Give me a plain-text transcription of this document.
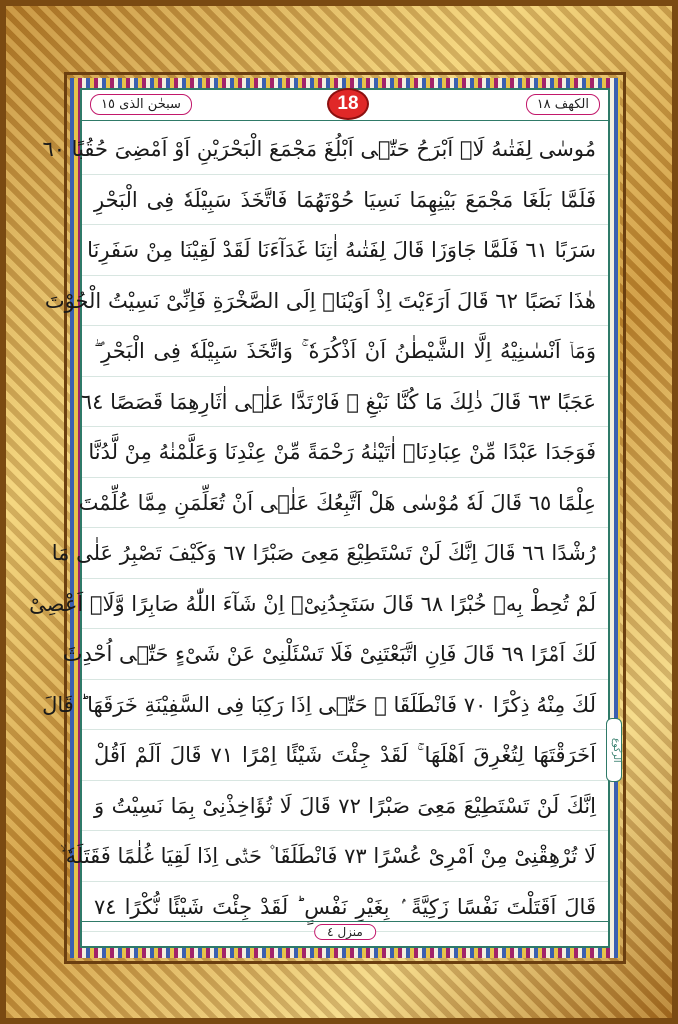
سبحٰن الذی ١٥	18	الکھف ١٨
مُوسٰى لِفَتٰىهُ لَاۤ اَبْرَحُ حَتّٰۤى اَبْلُغَ مَجْمَعَ الْبَحْرَيْنِ اَوْ اَمْضِىَ حُقُبًا ٦٠
فَلَمَّا بَلَغَا مَجْمَعَ بَيْنِهِمَا نَسِيَا حُوْتَهُمَا فَاتَّخَذَ سَبِيْلَهٗ فِى الْبَحْرِ
سَرَبًا ٦١ فَلَمَّا جَاوَزَا قَالَ لِفَتٰىهُ اٰتِنَا غَدَآءَنَا لَقَدْ لَقِيْنَا مِنْ سَفَرِنَا
هٰذَا نَصَبًا ٦٢ قَالَ اَرَءَيْتَ اِذْ اَوَيْنَاۤ اِلَى الصَّخْرَةِ فَاِنِّىْ نَسِيْتُ الْحُوْتَ
وَمَاۤ اَنْسٰىنِيْهُ اِلَّا الشَّيْطٰنُ اَنْ اَذْكُرَهٗ ۚ وَاتَّخَذَ سَبِيْلَهٗ فِى الْبَحْرِ ۖ
عَجَبًا ٦٣ قَالَ ذٰلِكَ مَا كُنَّا نَبْغِ ۖ فَارْتَدَّا عَلٰۤى اٰثَارِهِمَا قَصَصًا ٦٤
فَوَجَدَا عَبْدًا مِّنْ عِبَادِنَاۤ اٰتَيْنٰهُ رَحْمَةً مِّنْ عِنْدِنَا وَعَلَّمْنٰهُ مِنْ لَّدُنَّا
عِلْمًا ٦٥ قَالَ لَهٗ مُوْسٰى هَلْ اَتَّبِعُكَ عَلٰۤى اَنْ تُعَلِّمَنِ مِمَّا عُلِّمْتَ
رُشْدًا ٦٦ قَالَ اِنَّكَ لَنْ تَسْتَطِيْعَ مَعِىَ صَبْرًا ٦٧ وَكَيْفَ تَصْبِرُ عَلٰى مَا
لَمْ تُحِطْ بِهٖ خُبْرًا ٦٨ قَالَ سَتَجِدُنِىْۤ اِنْ شَآءَ اللّٰهُ صَابِرًا وَّلَاۤ اَعْصِىْ
لَكَ اَمْرًا ٦٩ قَالَ فَاِنِ اتَّبَعْتَنِىْ فَلَا تَسْئَلْنِىْ عَنْ شَىْءٍ حَتّٰۤى اُحْدِثَ
لَكَ مِنْهُ ذِكْرًا ٧٠ فَانْطَلَقَا ۫ حَتّٰۤى اِذَا رَكِبَا فِى السَّفِيْنَةِ خَرَقَهَا ؕ قَالَ
اَخَرَقْتَهَا لِتُغْرِقَ اَهْلَهَا ۚ لَقَدْ جِئْتَ شَيْئًا اِمْرًا ٧١ قَالَ اَلَمْ اَقُلْ
اِنَّكَ لَنْ تَسْتَطِيْعَ مَعِىَ صَبْرًا ٧٢ قَالَ لَا تُؤَاخِذْنِىْ بِمَا نَسِيْتُ وَ
لَا تُرْهِقْنِىْ مِنْ اَمْرِىْ عُسْرًا ٧٣ فَانْطَلَقَا ۫ حَتّٰۤى اِذَا لَقِيَا غُلٰمًا فَقَتَلَهٗ ۙ
قَالَ اَقَتَلْتَ نَفْسًا زَكِيَّةً ۢ بِغَيْرِ نَفْسٍ ؕ لَقَدْ جِئْتَ شَيْئًا نُّكْرًا ٧٤
الرکوع
منزل ٤
